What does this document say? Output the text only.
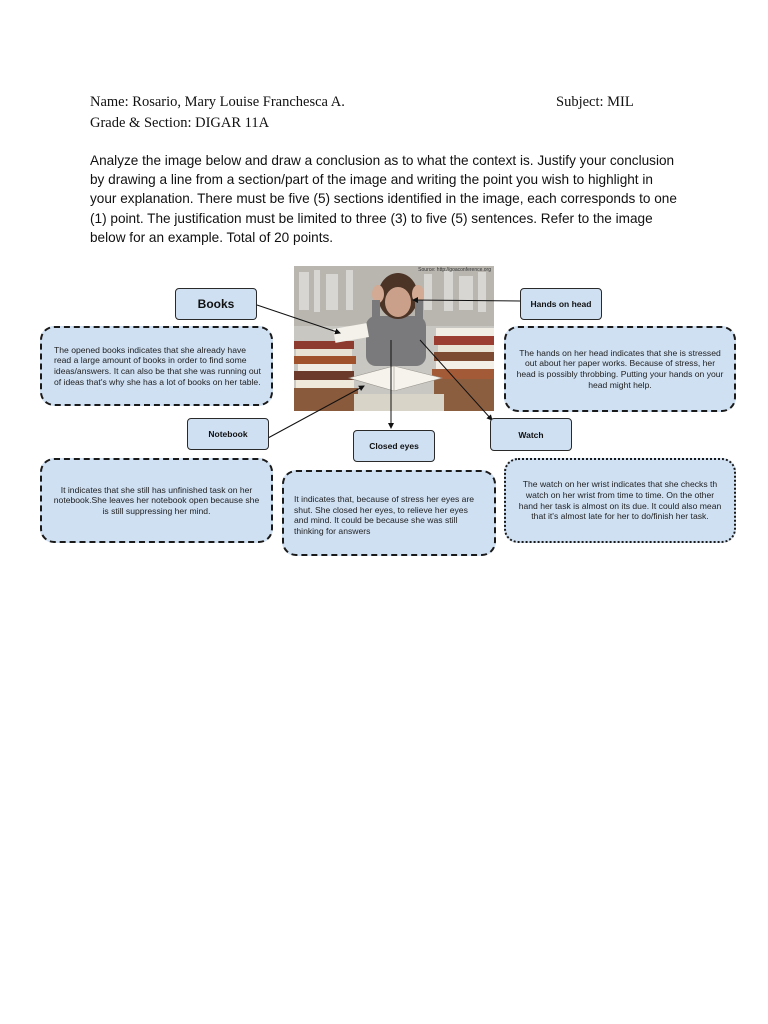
Name: Rosario, Mary Louise Franchesca A.	Subject: MIL
Grade & Section: DIGAR 11A
Analyze the image below and draw a conclusion as to what the context is. Justify your conclusion by drawing a line from a section/part of the image and writing the point you wish to highlight in your explanation. There must be five (5) sections identified in the image, each corresponds to one (1) point. The justification must be limited to three (3) to five (5) sentences. Refer to the image below for an example. Total of 20 points.
Source: http://goaconference.org
Books	Hands on head
Notebook
Closed eyes
Watch
The opened books indicates that she already have read a large amount of books in order to find some ideas/answers. It can also be that she was running out of ideas that's why she has a lot of books on her table.
The hands on her head indicates that she is stressed out about her paper works. Because of stress, her head is possibly throbbing. Putting your hands on your head might help.
It indicates that she still has unfinished task on her notebook.She leaves her notebook open because she is still suppressing her mind.
It indicates that, because of stress her eyes are shut. She closed her eyes, to relieve her eyes and mind. It could be because she was still thinking for answers
The watch on her wrist indicates that she checks th watch on her wrist from time to time. On the other hand her task is almost on its due. It could also mean that it's almost late for her to do/finish her task.
